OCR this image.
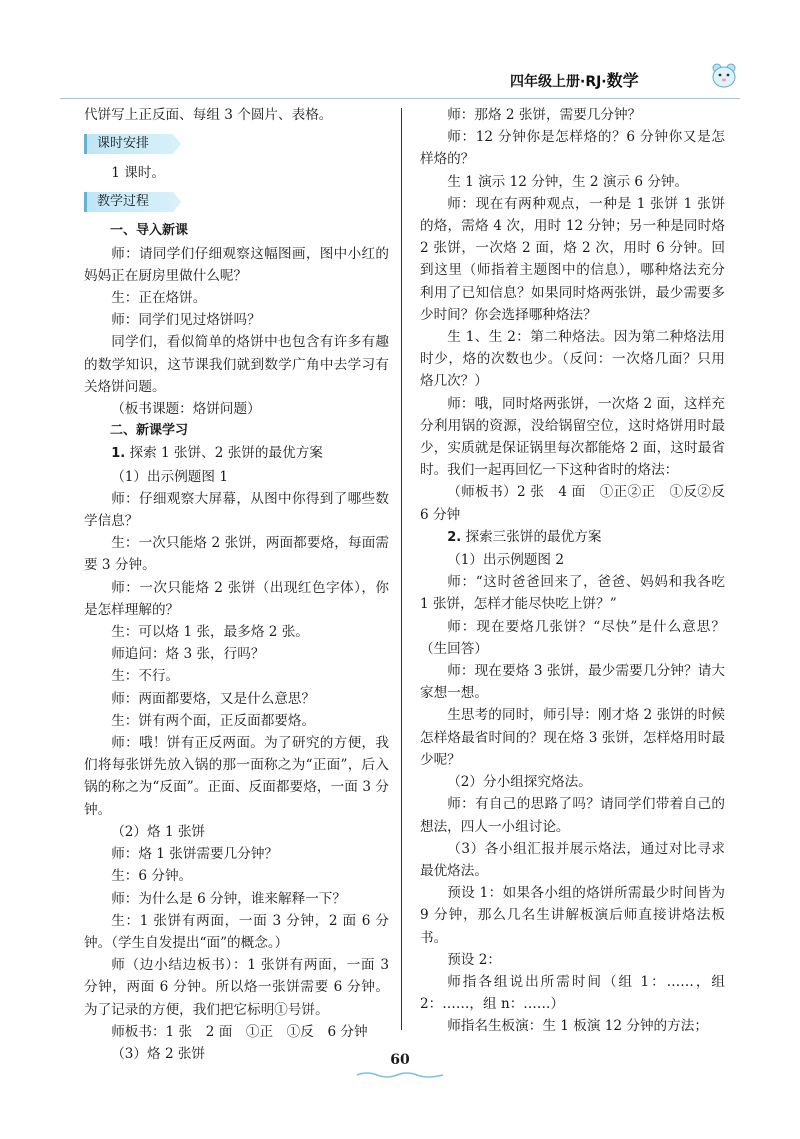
四年级上册·RJ·数学

代饼写上正反面、每组 3 个圆片、表格。

课时安排

1 课时。

教学过程

一、导入新课

师：请同学们仔细观察这幅图画，图中小红的妈妈正在厨房里做什么呢？

生：正在烙饼。

师：同学们见过烙饼吗？

同学们，看似简单的烙饼中也包含有许多有趣的数学知识，这节课我们就到数学广角中去学习有关烙饼问题。

（板书课题：烙饼问题）

二、新课学习

1. 探索 1 张饼、2 张饼的最优方案

（1）出示例题图 1

师：仔细观察大屏幕，从图中你得到了哪些数学信息？

生：一次只能烙 2 张饼，两面都要烙，每面需要 3 分钟。

师：一次只能烙 2 张饼（出现红色字体），你是怎样理解的？

生：可以烙 1 张，最多烙 2 张。

师追问：烙 3 张，行吗？

生：不行。

师：两面都要烙，又是什么意思？

生：饼有两个面，正反面都要烙。

师：哦！饼有正反两面。为了研究的方便，我们将每张饼先放入锅的那一面称之为“正面”，后入锅的称之为“反面”。正面、反面都要烙，一面 3 分钟。

（2）烙 1 张饼

师：烙 1 张饼需要几分钟？

生：6 分钟。

师：为什么是 6 分钟，谁来解释一下？

生：1 张饼有两面，一面 3 分钟，2 面 6 分钟。（学生自发提出“面”的概念。）

师（边小结边板书）：1 张饼有两面，一面 3 分钟，两面 6 分钟。所以烙一张饼需要 6 分钟。为了记录的方便，我们把它标明①号饼。

师板书：1 张　2 面　①正　①反　6 分钟

（3）烙 2 张饼

师：那烙 2 张饼，需要几分钟？

师：12 分钟你是怎样烙的？6 分钟你又是怎样烙的？

生 1 演示 12 分钟，生 2 演示 6 分钟。

师：现在有两种观点，一种是 1 张饼 1 张饼的烙，需烙 4 次，用时 12 分钟；另一种是同时烙 2 张饼，一次烙 2 面，烙 2 次，用时 6 分钟。回到这里（师指着主题图中的信息），哪种烙法充分利用了已知信息？如果同时烙两张饼，最少需要多少时间？你会选择哪种烙法？

生 1、生 2：第二种烙法。因为第二种烙法用时少，烙的次数也少。（反问：一次烙几面？只用烙几次？）

师：哦，同时烙两张饼，一次烙 2 面，这样充分利用锅的资源，没给锅留空位，这时烙饼用时最少，实质就是保证锅里每次都能烙 2 面，这时最省时。我们一起再回忆一下这种省时的烙法：

（师板书）2 张　4 面　①正②正　①反②反　6 分钟

2. 探索三张饼的最优方案

（1）出示例题图 2

师：“这时爸爸回来了，爸爸、妈妈和我各吃 1 张饼，怎样才能尽快吃上饼？”

师：现在要烙几张饼？“尽快”是什么意思？（生回答）

师：现在要烙 3 张饼，最少需要几分钟？请大家想一想。

生思考的同时，师引导：刚才烙 2 张饼的时候怎样烙最省时间的？现在烙 3 张饼，怎样烙用时最少呢？

（2）分小组探究烙法。

师：有自己的思路了吗？请同学们带着自己的想法，四人一小组讨论。

（3）各小组汇报并展示烙法，通过对比寻求最优烙法。

预设 1：如果各小组的烙饼所需最少时间皆为 9 分钟，那么几名生讲解板演后师直接讲烙法板书。

预设 2：

师指各组说出所需时间（组 1：……，组 2：……，组 n：……）

师指名生板演：生 1 板演 12 分钟的方法；

60
